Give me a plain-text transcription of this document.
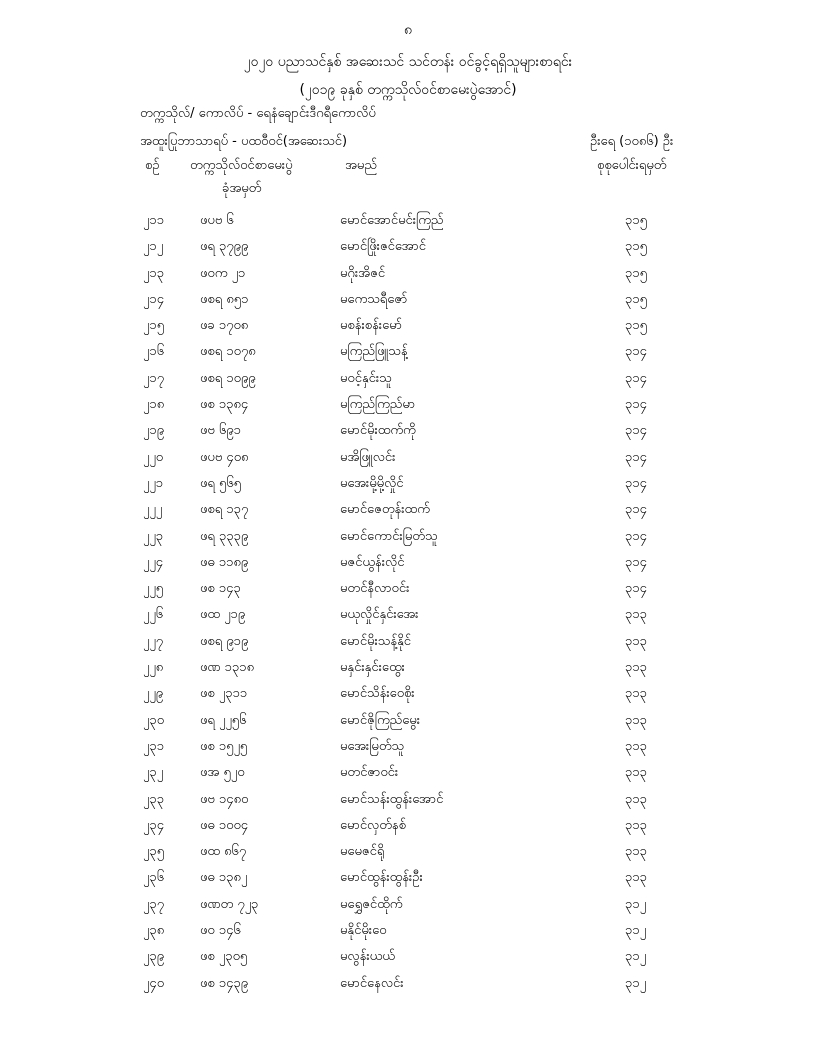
၈
၂၀၂၀ ပညာသင်နှစ် အဆေးသင် သင်တန်း ဝင်ခွင့်ရရှိသူများစာရင်း
(၂၀၁၉ ခုနှစ် တက္ကသိုလ်ဝင်စာမေးပွဲအောင်)
တက္ကသိုလ်/ ကောလိပ် - ရေနံချောင်းဒီဂရီကောလိပ်
အထူးပြုဘာသာရပ် - ပထဝီဝင်(အဆေးသင်)	ဦးရေ (၁၀၈၆) ဦး
စဉ် တက္ကသိုလ်ဝင်စာမေးပွဲ
ခုံအမှတ်
အမည်	စုစုပေါင်းရမှတ်
၂၁၁	ဖပဗ ၆	မောင်အောင်မင်းကြည်	၃၁၅
၂၁၂	ဖရ ၃၇၉၉	မောင်ဖြိုးဇင်အောင်	၃၁၅
၂၁၃	ဖဝက ၂၁	မဂိုးအိဇင်	၃၁၅
၂၁၄	ဖစရ ၈၅၁	မကေသရီဇော်	၃၁၅
၂၁၅	ဖခ ၁၇၀၈	မစန်းစန်းမော်	၃၁၅
၂၁၆	ဖစရ ၁၀၇၈	မကြည်ဖြူသန့်	၃၁၄
၂၁၇	ဖစရ ၁၀၉၉	မဝင့်နှင်းသူ	၃၁၄
၂၁၈	ဖစ ၁၃၈၄	မကြည်ကြည်မာ	၃၁၄
၂၁၉	ဖဗ ၆၉၁	မောင်မိုးထက်ကို	၃၁၄
၂၂၀	ဖပဗ ၄၀၈	မအိဖြူလင်း	၃၁၄
၂၂၁	ဖရ ၅၆၅	မအေးမို့မို့လှိုင်	၃၁၄
၂၂၂	ဖစရ ၁၃၇	မောင်ဇေတုန်းထက်	၃၁၄
၂၂၃	ဖရ ၃၃၃၉	မောင်ကောင်းမြတ်သူ	၃၁၄
၂၂၄	ဖဓ ၁၁၈၉	မဇင်ယွန်းလိုင်	၃၁၄
၂၂၅	ဖစ ၁၄၃	မတင်နီလာဝင်း	၃၁၄
၂၂၆	ဖထ ၂၁၉	မယုလှိုင်နှင်းအေး	၃၁၃
၂၂၇	ဖစရ ၉၁၉	မောင်မိုးသန့်နိုင်	၃၁၃
၂၂၈	ဖဏ ၁၃၁၈	မနှင်းနှင်းထွေး	၃၁၃
၂၂၉	ဖစ ၂၃၁၁	မောင်သိန်းဝေစိုး	၃၁၃
၂၃၀	ဖရ ၂၂၅၆	မောင်ဇိုကြည်မွေး	၃၁၃
၂၃၁	ဖစ ၁၅၂၅	မအေးမြတ်သူ	၃၁၃
၂၃၂	ဖအ ၅၂၀	မတင်ဇာဝင်း	၃၁၃
၂၃၃	ဖဗ ၁၄၈၀	မောင်သန်းထွန်းအောင်	၃၁၃
၂၃၄	ဖဓ ၁၀၀၄	မောင်လှတ်နစ်	၃၁၃
၂၃၅	ဖထ ၈၆၇	မမေဇင်ရို	၃၁၃
၂၃၆	ဖဓ ၁၃၈၂	မောင်ထွန်းထွန်းဦး	၃၁၃
၂၃၇	ဖဏတ ၇၂၃	မရွှေဇင်ထိုက်	၃၁၂
၂၃၈	ဖဝ ၁၄၆	မနိုင်မိုးဝေ	၃၁၂
၂၃၉	ဖစ ၂၃၀၅	မလွန်းယယ်	၃၁၂
၂၄၀	ဖစ ၁၄၃၉	မောင်နေလင်း	၃၁၂
